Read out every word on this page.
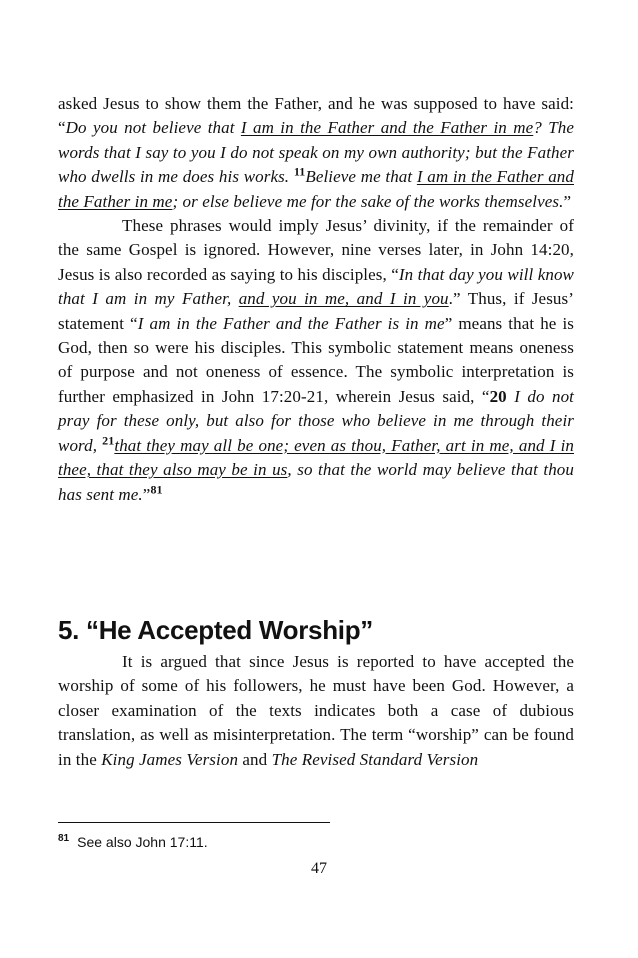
asked Jesus to show them the Father, and he was supposed to have said: “Do you not believe that I am in the Father and the Father in me? The words that I say to you I do not speak on my own authority; but the Father who dwells in me does his works. $^{11}$Believe me that I am in the Father and the Father in me; or else believe me for the sake of the works themselves.”

These phrases would imply Jesus’ divinity, if the remainder of the same Gospel is ignored. However, nine verses later, in John 14:20, Jesus is also recorded as saying to his disciples, “In that day you will know that I am in my Father, and you in me, and I in you.” Thus, if Jesus’ statement “I am in the Father and the Father is in me” means that he is God, then so were his disciples. This symbolic statement means oneness of purpose and not oneness of essence. The symbolic interpretation is further emphasized in John 17:20-21, wherein Jesus said, “20 I do not pray for these only, but also for those who believe in me through their word, $^{21}$that they may all be one; even as thou, Father, art in me, and I in thee, that they also may be in us, so that the world may believe that thou has sent me.”$^{81}$

5. “He Accepted Worship”

It is argued that since Jesus is reported to have accepted the worship of some of his followers, he must have been God. However, a closer examination of the texts indicates both a case of dubious translation, as well as misinterpretation. The term “worship” can be found in the King James Version and The Revised Standard Version

$^{81}$ See also John 17:11.
47
